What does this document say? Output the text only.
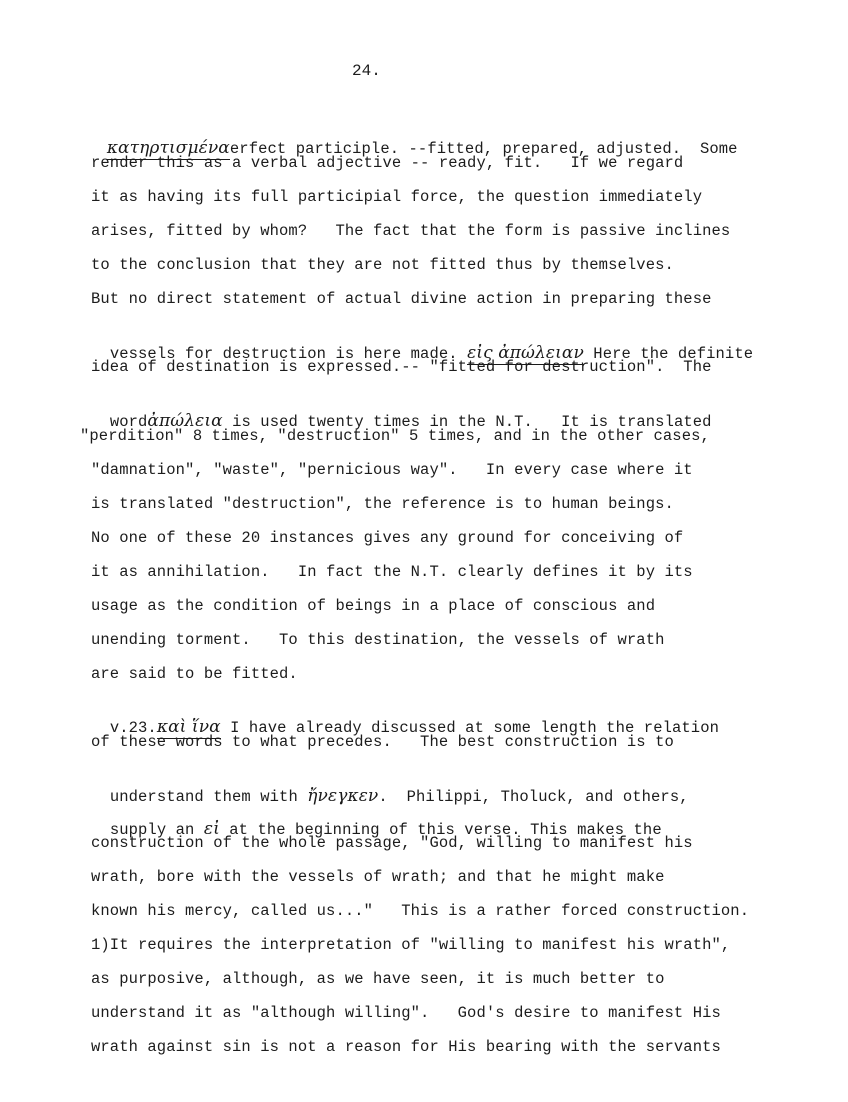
24.

κατηρτισμέναerfect participle. --fitted, prepared, adjusted.  Some

render this as a verbal adjective -- ready, fit.   If we regard
it as having its full participial force, the question immediately
arises, fitted by whom?   The fact that the form is passive inclines
to the conclusion that they are not fitted thus by themselves.
But no direct statement of actual divine action in preparing these

vessels for destruction is here made. εἰς ἀπώλειαν Here the definite

idea of destination is expressed.-- "fitted for destruction".  The

wordἀπώλεια is used twenty times in the N.T.   It is translated

"perdition" 8 times, "destruction" 5 times, and in the other cases,
"damnation", "waste", "pernicious way".   In every case where it
is translated "destruction", the reference is to human beings.
No one of these 20 instances gives any ground for conceiving of
it as annihilation.   In fact the N.T. clearly defines it by its
usage as the condition of beings in a place of conscious and
unending torment.   To this destination, the vessels of wrath
are said to be fitted.

v.23.καὶ ἵνα I have already discussed at some length the relation

of these words to what precedes.   The best construction is to

understand them with ἤνεγκεν.  Philippi, Tholuck, and others,

supply an εἰ at the beginning of this verse. This makes the

construction of the whole passage, "God, willing to manifest his
wrath, bore with the vessels of wrath; and that he might make
known his mercy, called us..."   This is a rather forced construction.
1)It requires the interpretation of "willing to manifest his wrath",
as purposive, although, as we have seen, it is much better to
understand it as "although willing".   God's desire to manifest His
wrath against sin is not a reason for His bearing with the servants
